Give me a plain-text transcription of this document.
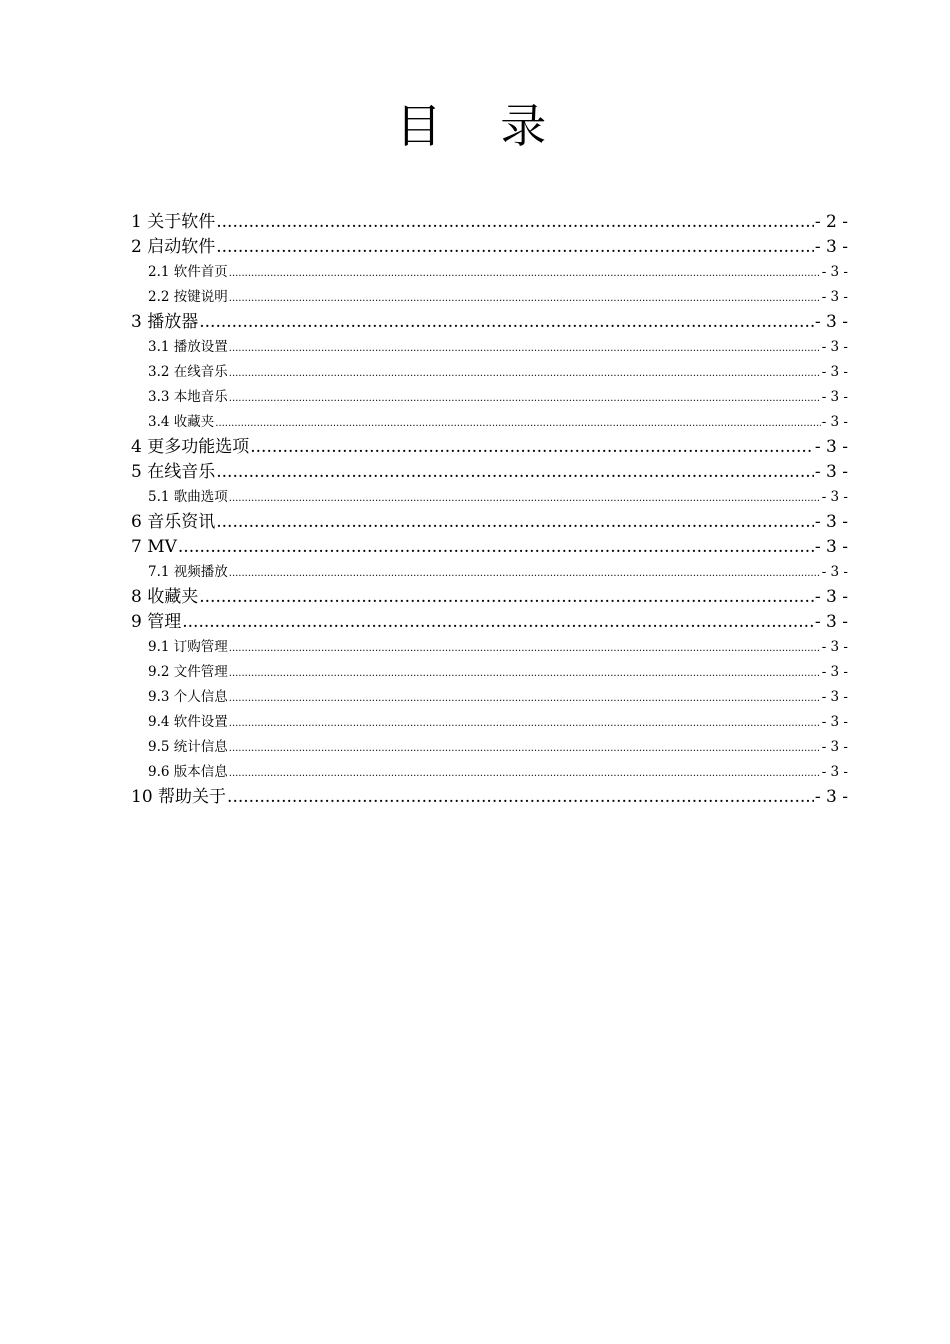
目 录
1 关于软件 .....	- 2 -
2 启动软件 .....	- 3 -
2.1 软件首页 .....	- 3 -
2.2 按键说明 .....	- 3 -
3 播放器 .....	- 3 -
3.1 播放设置 .....	- 3 -
3.2 在线音乐 .....	- 3 -
3.3 本地音乐 .....	- 3 -
3.4 收藏夹 .....	- 3 -
4 更多功能选项 .....	- 3 -
5 在线音乐 .....	- 3 -
5.1 歌曲选项 .....	- 3 -
6 音乐资讯 .....	- 3 -
7 MV .....	- 3 -
7.1 视频播放 .....	- 3 -
8 收藏夹 .....	- 3 -
9 管理 .....	- 3 -
9.1 订购管理 .....	- 3 -
9.2 文件管理 .....	- 3 -
9.3 个人信息 .....	- 3 -
9.4 软件设置 .....	- 3 -
9.5 统计信息 .....	- 3 -
9.6 版本信息 .....	- 3 -
10 帮助关于 .....	- 3 -
